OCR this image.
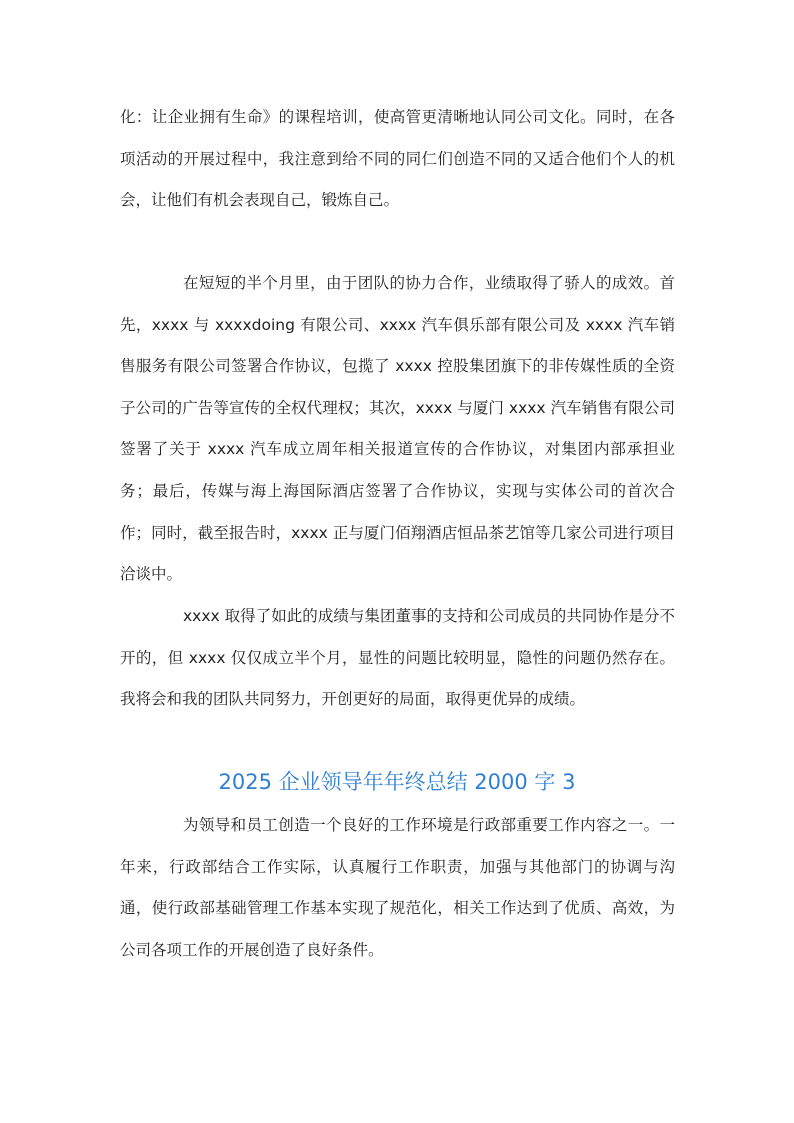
化：让企业拥有生命》的课程培训，使高管更清晰地认同公司文化。同时，在各项活动的开展过程中，我注意到给不同的同仁们创造不同的又适合他们个人的机会，让他们有机会表现自己，锻炼自己。

在短短的半个月里，由于团队的协力合作，业绩取得了骄人的成效。首先，xxxx 与 xxxxdoing 有限公司、xxxx 汽车俱乐部有限公司及 xxxx 汽车销售服务有限公司签署合作协议，包揽了 xxxx 控股集团旗下的非传媒性质的全资子公司的广告等宣传的全权代理权；其次，xxxx 与厦门 xxxx 汽车销售有限公司签署了关于 xxxx 汽车成立周年相关报道宣传的合作协议，对集团内部承担业务；最后，传媒与海上海国际酒店签署了合作协议，实现与实体公司的首次合作；同时，截至报告时，xxxx 正与厦门佰翔酒店恒品茶艺馆等几家公司进行项目洽谈中。

xxxx 取得了如此的成绩与集团董事的支持和公司成员的共同协作是分不开的，但 xxxx 仅仅成立半个月，显性的问题比较明显，隐性的问题仍然存在。我将会和我的团队共同努力，开创更好的局面，取得更优异的成绩。

2025 企业领导年年终总结 2000 字 3

为领导和员工创造一个良好的工作环境是行政部重要工作内容之一。一年来，行政部结合工作实际，认真履行工作职责，加强与其他部门的协调与沟通，使行政部基础管理工作基本实现了规范化，相关工作达到了优质、高效，为公司各项工作的开展创造了良好条件。
